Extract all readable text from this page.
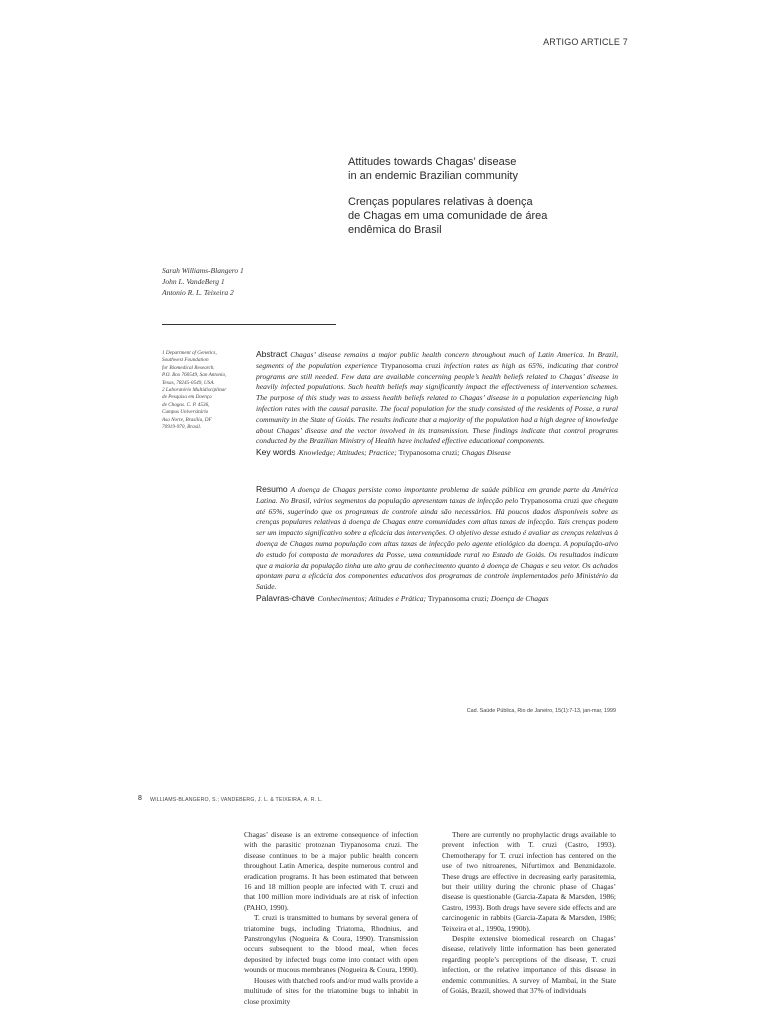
ARTIGO ARTICLE 7
Attitudes towards Chagas’ disease
in an endemic Brazilian community
Crenças populares relativas à doença
de Chagas em uma comunidade de área
endêmica do Brasil
Sarah Williams-Blangero 1
John L. VandeBerg 1
Antonio R. L. Teixeira 2
1 Department of Genetics,
Southwest Foundation
for Biomedical Research.
P.O. Box 760549, San Antonio,
Texas, 78245-0549, USA.
2 Laboratório Multidisciplinar
de Pesquisa em Doença
de Chagas. C. P. 4536,
Campus Universitário
Asa Norte, Brasília, DF
70919-970, Brasil.
Abstract Chagas’ disease remains a major public health concern throughout much of Latin America. In Brazil, segments of the population experience Trypanosoma cruzi infection rates as high as 65%, indicating that control programs are still needed. Few data are available concerning people’s health beliefs related to Chagas’ disease in heavily infected populations. Such health beliefs may significantly impact the effectiveness of intervention schemes. The purpose of this study was to assess health beliefs related to Chagas’ disease in a population experiencing high infection rates with the causal parasite. The focal population for the study consisted of the residents of Posse, a rural community in the State of Goiás. The results indicate that a majority of the population had a high degree of knowledge about Chagas’ disease and the vector involved in its transmission. These findings indicate that control programs conducted by the Brazilian Ministry of Health have included effective educational components.
Key words Knowledge; Attitudes; Practice; Trypanosoma cruzi; Chagas Disease
Resumo A doença de Chagas persiste como importante problema de saúde pública em grande parte da América Latina. No Brasil, vários segmentos da população apresentam taxas de infecção pelo Trypanosoma cruzi que chegam até 65%, sugerindo que os programas de controle ainda são necessários. Há poucos dados disponíveis sobre as crenças populares relativas à doença de Chagas entre comunidades com altas taxas de infecção. Tais crenças podem ser um impacto significativo sobre a eficácia das intervenções. O objetivo desse estudo é avaliar as crenças relativas à doença de Chagas numa população com altas taxas de infecção pelo agente etiológico da doença. A população-alvo do estudo foi composta de moradores da Posse, uma comunidade rural no Estado de Goiás. Os resultados indicam que a maioria da população tinha um alto grau de conhecimento quanto à doença de Chagas e seu vetor. Os achados apontam para a eficácia dos componentes educativos dos programas de controle implementados pelo Ministério da Saúde.
Palavras-chave Conhecimentos; Atitudes e Prática; Trypanosoma cruzi; Doença de Chagas
Cad. Saúde Pública, Rio de Janeiro, 15(1):7-13, jan-mar, 1999
8 WILLIAMS-BLANGERO, S.; VANDEBERG, J. L. & TEIXEIRA, A. R. L.

Chagas’ disease is an extreme consequence of infection with the parasitic protozoan Trypanosoma cruzi. The disease continues to be a major public health concern throughout Latin America, despite numerous control and eradication programs. It has been estimated that between 16 and 18 million people are infected with T. cruzi and that 100 million more individuals are at risk of infection (PAHO, 1990).

T. cruzi is transmitted to humans by several genera of triatomine bugs, including Triatoma, Rhodnius, and Panstrongylus (Nogueira & Coura, 1990). Transmission occurs subsequent to the blood meal, when feces deposited by infected bugs come into contact with open wounds or mucous membranes (Nogueira & Coura, 1990).

Houses with thatched roofs and/or mud walls provide a multitude of sites for the triatomine bugs to inhabit in close proximity

There are currently no prophylactic drugs available to prevent infection with T. cruzi (Castro, 1993). Chemotherapy for T. cruzi infection has centered on the use of two nitroarenes, Nifurtimox and Benznidazole. These drugs are effective in decreasing early parasitemia, but their utility during the chronic phase of Chagas’ disease is questionable (Garcia-Zapata & Marsden, 1986; Castro, 1993). Both drugs have severe side effects and are carcinogenic in rabbits (Garcia-Zapata & Marsden, 1986; Teixeira et al., 1990a, 1990b).

Despite extensive biomedical research on Chagas’ disease, relatively little information has been generated regarding people’s perceptions of the disease, T. cruzi infection, or the relative importance of this disease in endemic communities. A survey of Mambaí, in the State of Goiás, Brazil, showed that 37% of individuals
